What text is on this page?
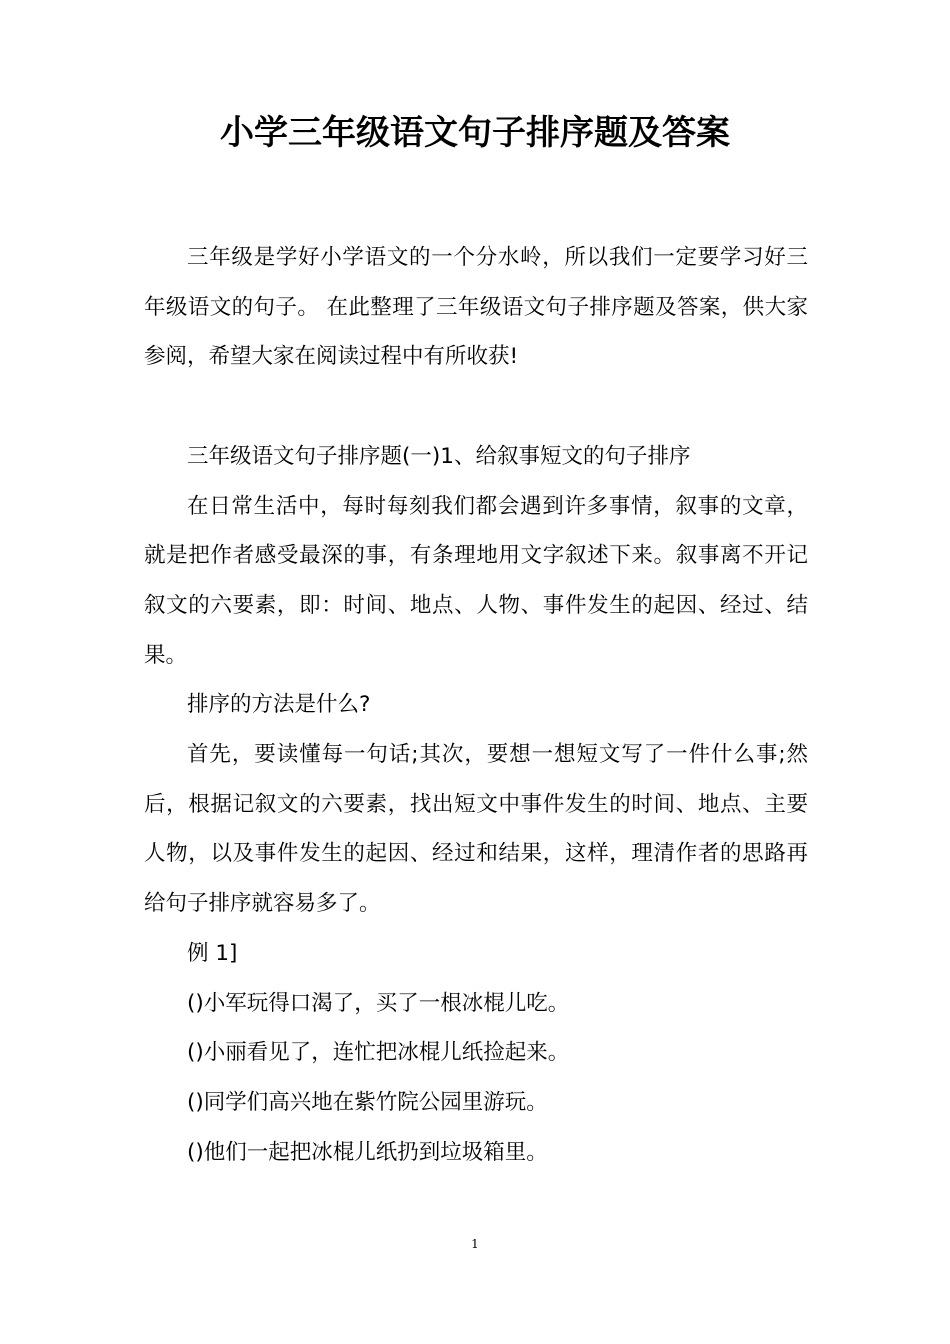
小学三年级语文句子排序题及答案

三年级是学好小学语文的一个分水岭，所以我们一定要学习好三年级语文的句子。 在此整理了三年级语文句子排序题及答案，供大家参阅，希望大家在阅读过程中有所收获!

三年级语文句子排序题(一)1、给叙事短文的句子排序

在日常生活中，每时每刻我们都会遇到许多事情，叙事的文章，就是把作者感受最深的事，有条理地用文字叙述下来。叙事离不开记叙文的六要素，即：时间、地点、人物、事件发生的起因、经过、结果。

排序的方法是什么?

首先，要读懂每一句话;其次，要想一想短文写了一件什么事;然后，根据记叙文的六要素，找出短文中事件发生的时间、地点、主要人物，以及事件发生的起因、经过和结果，这样，理清作者的思路再给句子排序就容易多了。

例 1]

()小军玩得口渴了，买了一根冰棍儿吃。

()小丽看见了，连忙把冰棍儿纸捡起来。

()同学们高兴地在紫竹院公园里游玩。

()他们一起把冰棍儿纸扔到垃圾箱里。

1
